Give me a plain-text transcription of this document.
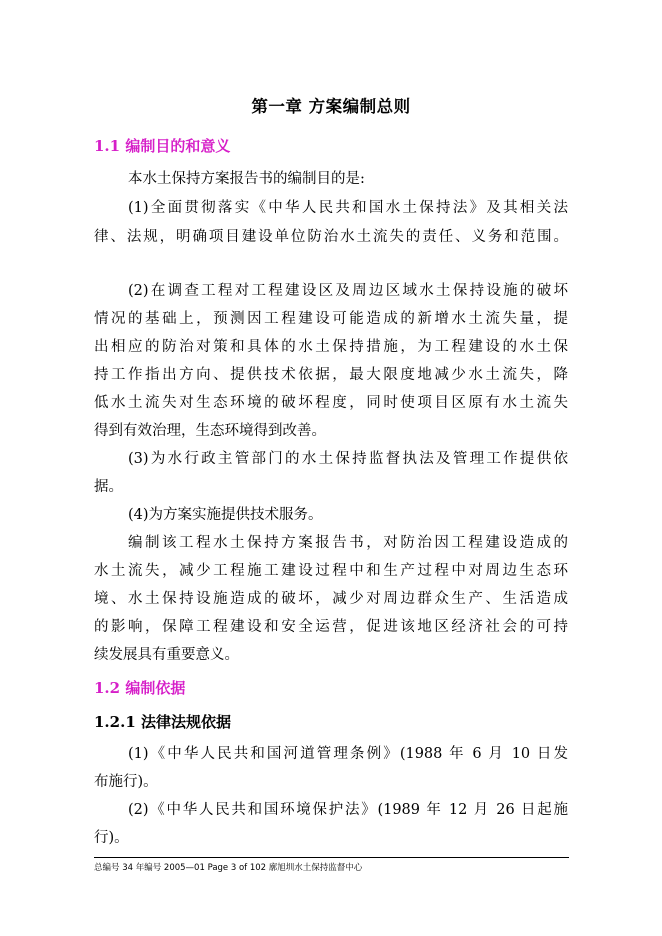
第一章 方案编制总则
1.1 编制目的和意义
本水土保持方案报告书的编制目的是:
(1)全面贯彻落实《中华人民共和国水土保持法》及其相关法
律、法规，明确项目建设单位防治水土流失的责任、义务和范围。
(2)在调查工程对工程建设区及周边区域水土保持设施的破坏
情况的基础上，预测因工程建设可能造成的新增水土流失量，提
出相应的防治对策和具体的水土保持措施，为工程建设的水土保
持工作指出方向、提供技术依据，最大限度地减少水土流失，降
低水土流失对生态环境的破坏程度，同时使项目区原有水土流失
得到有效治理，生态环境得到改善。
(3)为水行政主管部门的水土保持监督执法及管理工作提供依
据。
(4)为方案实施提供技术服务。
编制该工程水土保持方案报告书，对防治因工程建设造成的
水土流失，减少工程施工建设过程中和生产过程中对周边生态环
境、水土保持设施造成的破坏，减少对周边群众生产、生活造成
的影响，保障工程建设和安全运营，促进该地区经济社会的可持
续发展具有重要意义。
1.2 编制依据
1.2.1 法律法规依据
(1)《中华人民共和国河道管理条例》(1988 年 6 月 10 日发
布施行)。
(2)《中华人民共和国环境保护法》(1989 年 12 月 26 日起施
行)。
总编号 34 年编号 2005—01 Page 3 of 102 廓旭圳水土保持监督中心
